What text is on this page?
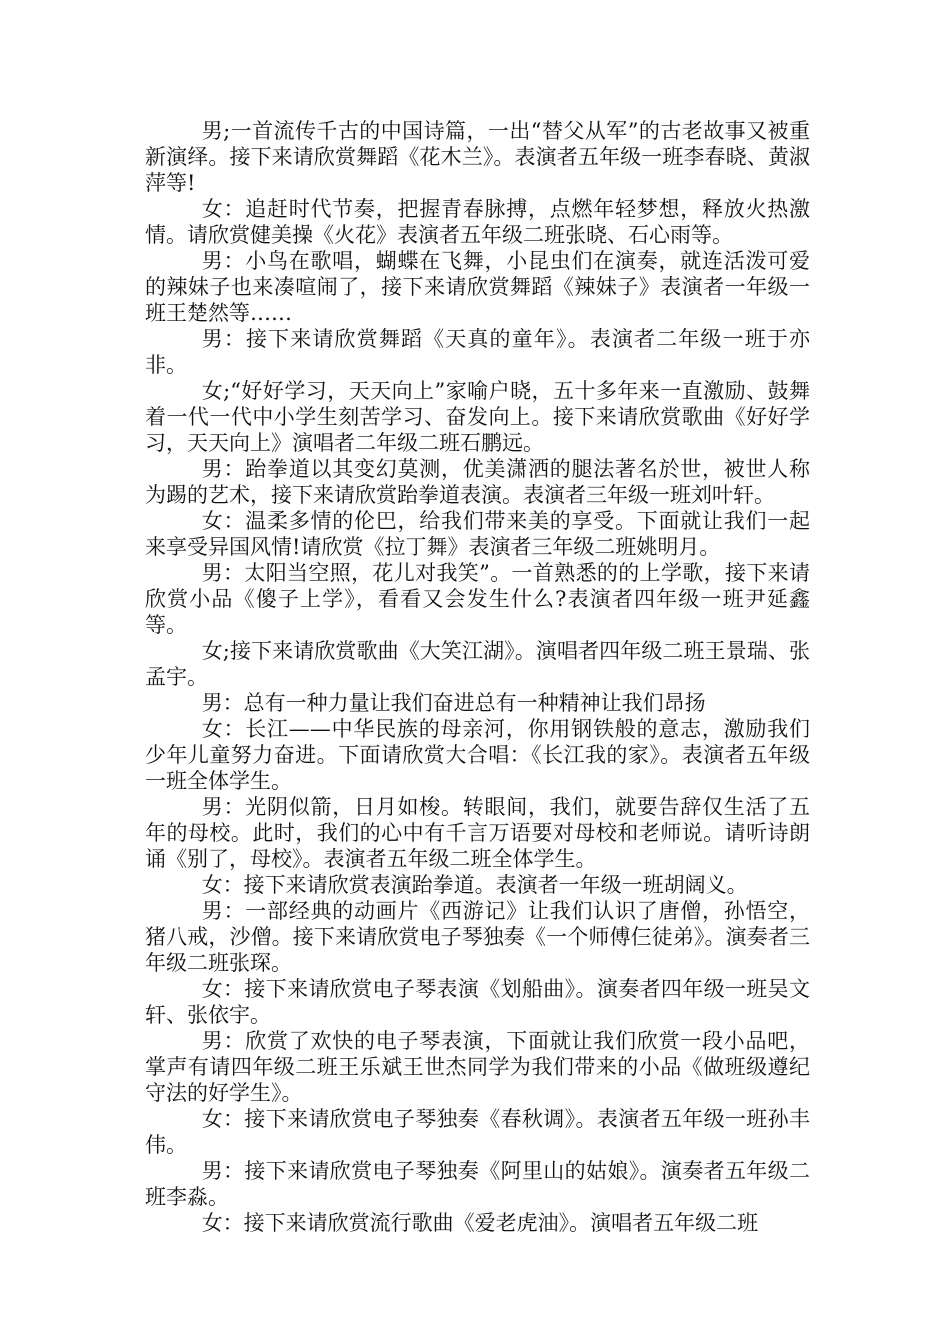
男;一首流传千古的中国诗篇，一出“替父从军”的古老故事又被重新演绎。接下来请欣赏舞蹈《花木兰》。表演者五年级一班李春晓、黄淑萍等!

女：追赶时代节奏，把握青春脉搏，点燃年轻梦想，释放火热激情。请欣赏健美操《火花》表演者五年级二班张晓、石心雨等。

男：小鸟在歌唱，蝴蝶在飞舞，小昆虫们在演奏，就连活泼可爱的辣妹子也来凑喧闹了，接下来请欣赏舞蹈《辣妹子》表演者一年级一班王楚然等……

男：接下来请欣赏舞蹈《天真的童年》。表演者二年级一班于亦非。

女;“好好学习，天天向上”家喻户晓，五十多年来一直激励、鼓舞着一代一代中小学生刻苦学习、奋发向上。接下来请欣赏歌曲《好好学习，天天向上》演唱者二年级二班石鹏远。

男：跆拳道以其变幻莫测，优美潇洒的腿法著名於世，被世人称为踢的艺术，接下来请欣赏跆拳道表演。表演者三年级一班刘叶轩。

女：温柔多情的伦巴，给我们带来美的享受。下面就让我们一起来享受异国风情!请欣赏《拉丁舞》表演者三年级二班姚明月。

男：太阳当空照，花儿对我笑”。一首熟悉的的上学歌，接下来请欣赏小品《傻子上学》，看看又会发生什么?表演者四年级一班尹延鑫等。

女;接下来请欣赏歌曲《大笑江湖》。演唱者四年级二班王景瑞、张孟宇。

男：总有一种力量让我们奋进总有一种精神让我们昂扬

女：长江——中华民族的母亲河，你用钢铁般的意志，激励我们少年儿童努力奋进。下面请欣赏大合唱：《长江我的家》。表演者五年级一班全体学生。

男：光阴似箭，日月如梭。转眼间，我们，就要告辞仅生活了五年的母校。此时，我们的心中有千言万语要对母校和老师说。请听诗朗诵《别了，母校》。表演者五年级二班全体学生。

女：接下来请欣赏表演跆拳道。表演者一年级一班胡阔义。

男：一部经典的动画片《西游记》让我们认识了唐僧，孙悟空，猪八戒，沙僧。接下来请欣赏电子琴独奏《一个师傅仨徒弟》。演奏者三年级二班张琛。

女：接下来请欣赏电子琴表演《划船曲》。演奏者四年级一班吴文轩、张依宇。

男：欣赏了欢快的电子琴表演，下面就让我们欣赏一段小品吧，掌声有请四年级二班王乐斌王世杰同学为我们带来的小品《做班级遵纪守法的好学生》。

女：接下来请欣赏电子琴独奏《春秋调》。表演者五年级一班孙丰伟。

男：接下来请欣赏电子琴独奏《阿里山的姑娘》。演奏者五年级二班李淼。

女：接下来请欣赏流行歌曲《爱老虎油》。演唱者五年级二班
